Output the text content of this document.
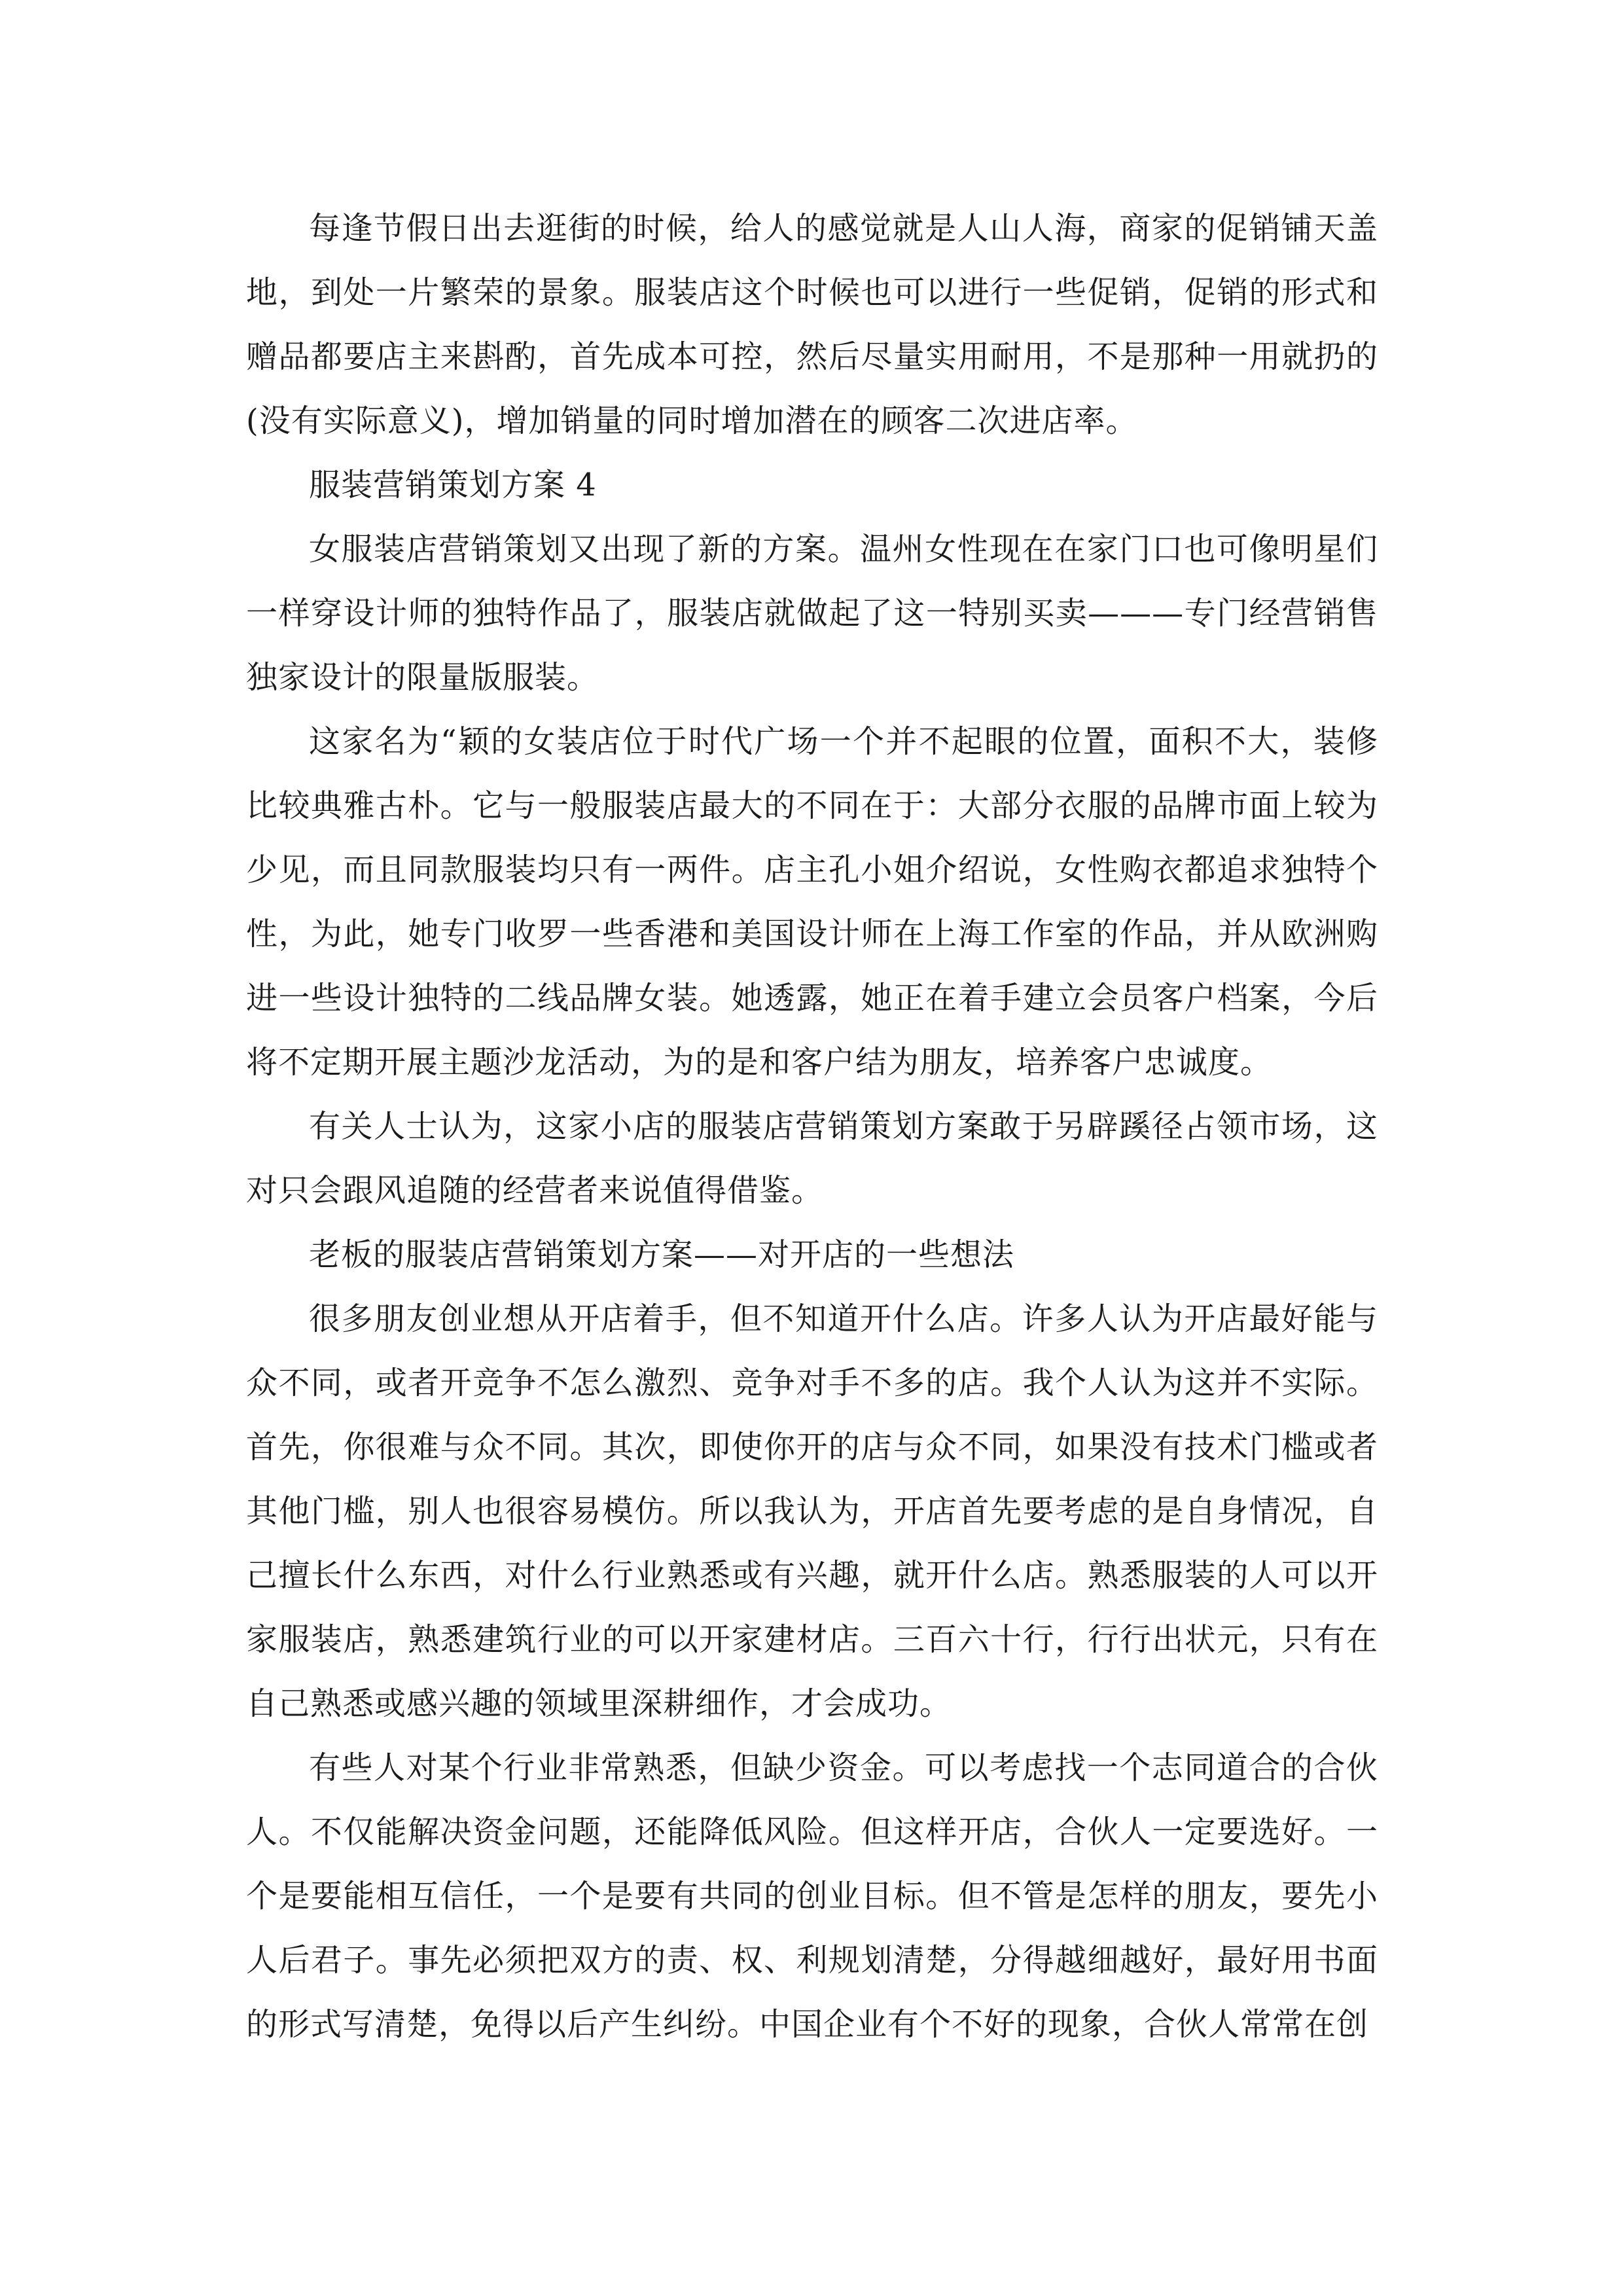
每逢节假日出去逛街的时候，给人的感觉就是人山人海，商家的促销铺天盖地，到处一片繁荣的景象。服装店这个时候也可以进行一些促销，促销的形式和赠品都要店主来斟酌，首先成本可控，然后尽量实用耐用，不是那种一用就扔的(没有实际意义)，增加销量的同时增加潜在的顾客二次进店率。

服装营销策划方案 4

女服装店营销策划又出现了新的方案。温州女性现在在家门口也可像明星们一样穿设计师的独特作品了，服装店就做起了这一特别买卖———专门经营销售独家设计的限量版服装。

这家名为“颖的女装店位于时代广场一个并不起眼的位置，面积不大，装修比较典雅古朴。它与一般服装店最大的不同在于：大部分衣服的品牌市面上较为少见，而且同款服装均只有一两件。店主孔小姐介绍说，女性购衣都追求独特个性，为此，她专门收罗一些香港和美国设计师在上海工作室的作品，并从欧洲购进一些设计独特的二线品牌女装。她透露，她正在着手建立会员客户档案，今后将不定期开展主题沙龙活动，为的是和客户结为朋友，培养客户忠诚度。

有关人士认为，这家小店的服装店营销策划方案敢于另辟蹊径占领市场，这对只会跟风追随的经营者来说值得借鉴。

老板的服装店营销策划方案——对开店的一些想法

很多朋友创业想从开店着手，但不知道开什么店。许多人认为开店最好能与众不同，或者开竞争不怎么激烈、竞争对手不多的店。我个人认为这并不实际。首先，你很难与众不同。其次，即使你开的店与众不同，如果没有技术门槛或者其他门槛，别人也很容易模仿。所以我认为，开店首先要考虑的是自身情况，自己擅长什么东西，对什么行业熟悉或有兴趣，就开什么店。熟悉服装的人可以开家服装店，熟悉建筑行业的可以开家建材店。三百六十行，行行出状元，只有在自己熟悉或感兴趣的领域里深耕细作，才会成功。

有些人对某个行业非常熟悉，但缺少资金。可以考虑找一个志同道合的合伙人。不仅能解决资金问题，还能降低风险。但这样开店，合伙人一定要选好。一个是要能相互信任，一个是要有共同的创业目标。但不管是怎样的朋友，要先小人后君子。事先必须把双方的责、权、利规划清楚，分得越细越好，最好用书面的形式写清楚，免得以后产生纠纷。中国企业有个不好的现象，合伙人常常在创
